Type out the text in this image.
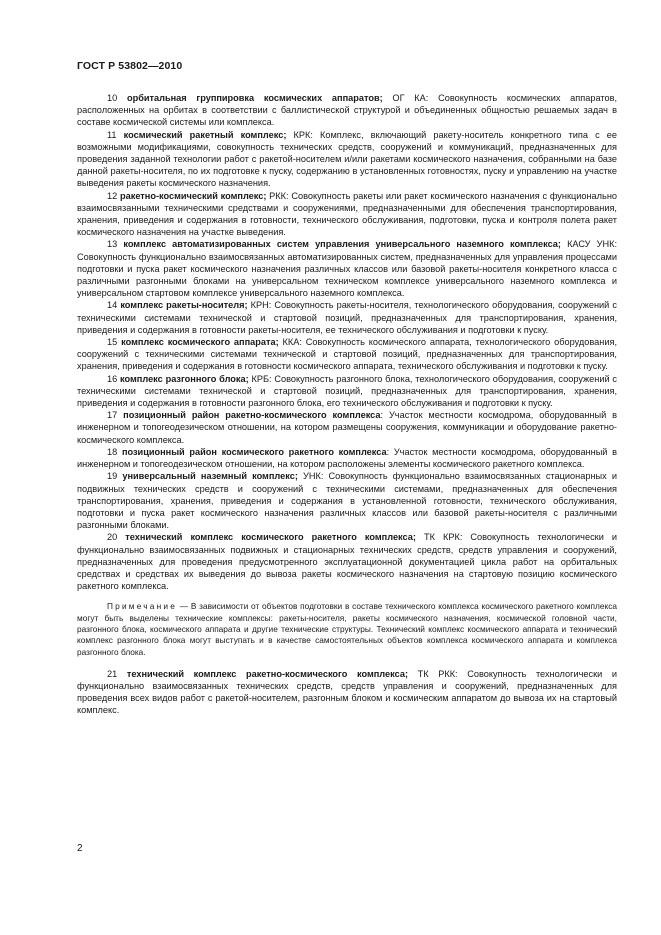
ГОСТ Р 53802—2010

10 орбитальная группировка космических аппаратов; ОГ КА: Совокупность космических аппаратов, расположенных на орбитах в соответствии с баллистической структурой и объединенных общностью решаемых задач в составе космической системы или комплекса.

11 космический ракетный комплекс; КРК: Комплекс, включающий ракету-носитель конкретного типа с ее возможными модификациями, совокупность технических средств, сооружений и коммуникаций, предназначенных для проведения заданной технологии работ с ракетой-носителем и/или ракетами космического назначения, собранными на базе данной ракеты-носителя, по их подготовке к пуску, содержанию в установленных готовностях, пуску и управлению на участке выведения ракеты космического назначения.

12 ракетно-космический комплекс; РКК: Совокупность ракеты или ракет космического назначения с функционально взаимосвязанными техническими средствами и сооружениями, предназначенными для обеспечения транспортирования, хранения, приведения и содержания в готовности, технического обслуживания, подготовки, пуска и контроля полета ракет космического назначения на участке выведения.

13 комплекс автоматизированных систем управления универсального наземного комплекса; КАСУ УНК: Совокупность функционально взаимосвязанных автоматизированных систем, предназначенных для управления процессами подготовки и пуска ракет космического назначения различных классов или базовой ракеты-носителя конкретного класса с различными разгонными блоками на универсальном техническом комплексе универсального наземного комплекса и универсальном стартовом комплексе универсального наземного комплекса.

14 комплекс ракеты-носителя; КРН: Совокупность ракеты-носителя, технологического оборудования, сооружений с техническими системами технической и стартовой позиций, предназначенных для транспортирования, хранения, приведения и содержания в готовности ракеты-носителя, ее технического обслуживания и подготовки к пуску.

15 комплекс космического аппарата; ККА: Совокупность космического аппарата, технологического оборудования, сооружений с техническими системами технической и стартовой позиций, предназначенных для транспортирования, хранения, приведения и содержания в готовности космического аппарата, технического обслуживания и подготовки к пуску.

16 комплекс разгонного блока; КРБ: Совокупность разгонного блока, технологического оборудования, сооружений с техническими системами технической и стартовой позиций, предназначенных для транспортирования, хранения, приведения и содержания в готовности разгонного блока, его технического обслуживания и подготовки к пуску.

17 позиционный район ракетно-космического комплекса: Участок местности космодрома, оборудованный в инженерном и топогеодезическом отношении, на котором размещены сооружения, коммуникации и оборудование ракетно-космического комплекса.

18 позиционный район космического ракетного комплекса: Участок местности космодрома, оборудованный в инженерном и топогеодезическом отношении, на котором расположены элементы космического ракетного комплекса.

19 универсальный наземный комплекс; УНК: Совокупность функционально взаимосвязанных стационарных и подвижных технических средств и сооружений с техническими системами, предназначенных для обеспечения транспортирования, хранения, приведения и содержания в установленной готовности, технического обслуживания, подготовки и пуска ракет космического назначения различных классов или базовой ракеты-носителя с различными разгонными блоками.

20 технический комплекс космического ракетного комплекса; ТК КРК: Совокупность технологически и функционально взаимосвязанных подвижных и стационарных технических средств, средств управления и сооружений, предназначенных для проведения предусмотренного эксплуатационной документацией цикла работ на орбитальных средствах и средствах их выведения до вывоза ракеты космического назначения на стартовую позицию космического ракетного комплекса.

Примечание — В зависимости от объектов подготовки в составе технического комплекса космического ракетного комплекса могут быть выделены технические комплексы: ракеты-носителя, ракеты космического назначения, космической головной части, разгонного блока, космического аппарата и другие технические структуры. Технический комплекс космического аппарата и технический комплекс разгонного блока могут выступать и в качестве самостоятельных объектов комплекса космического аппарата и комплекса разгонного блока.

21 технический комплекс ракетно-космического комплекса; ТК РКК: Совокупность технологически и функционально взаимосвязанных технических средств, средств управления и сооружений, предназначенных для проведения всех видов работ с ракетой-носителем, разгонным блоком и космическим аппаратом до вывоза их на стартовый комплекс.

2
